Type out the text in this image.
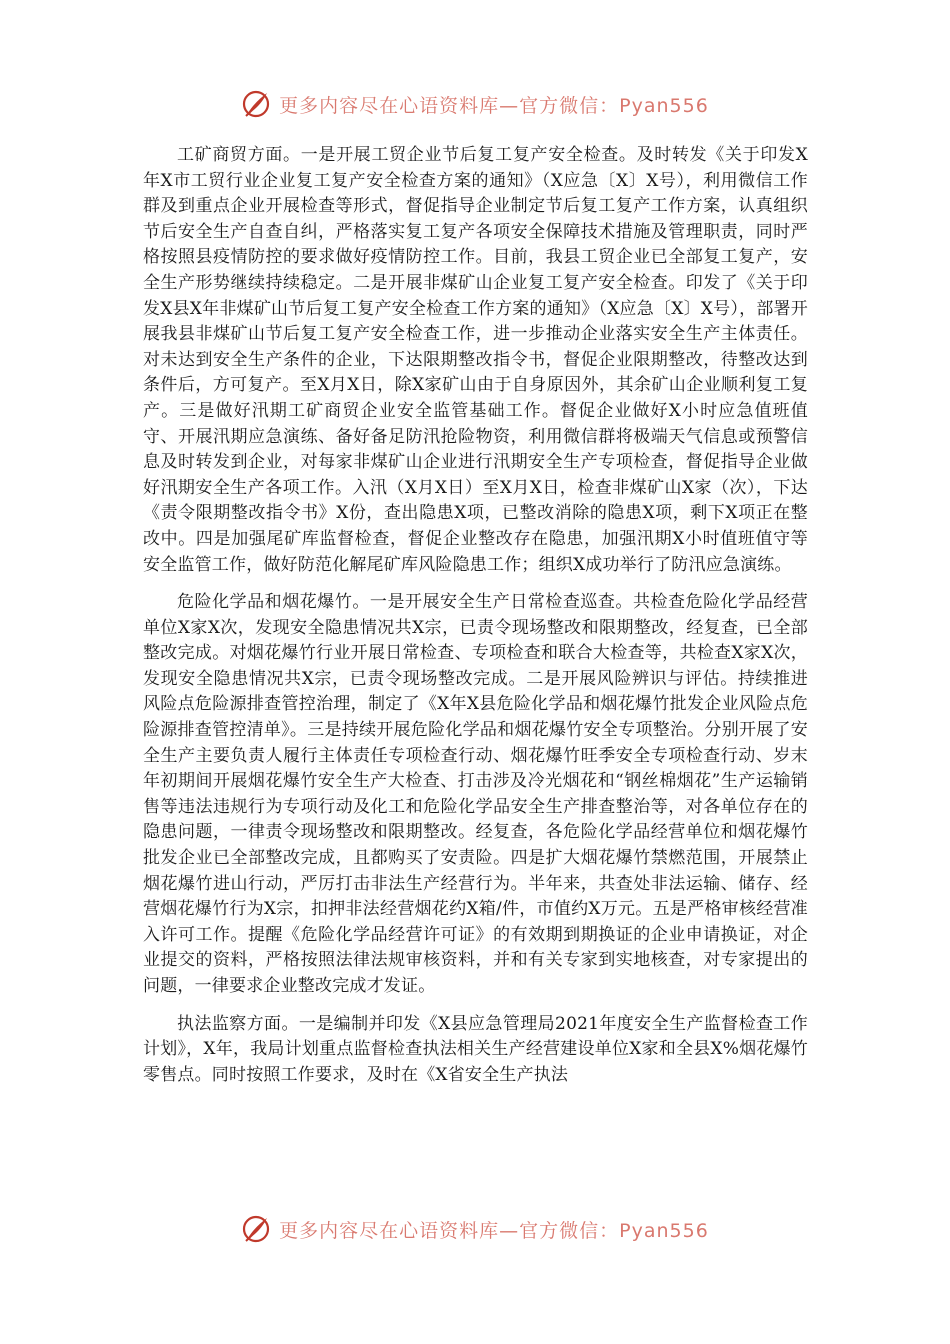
更多内容尽在心语资料库—官方微信：Pyan556

工矿商贸方面。一是开展工贸企业节后复工复产安全检查。及时转发《关于印发X年X市工贸行业企业复工复产安全检查方案的通知》（X应急〔X〕X号），利用微信工作群及到重点企业开展检查等形式，督促指导企业制定节后复工复产工作方案，认真组织节后安全生产自查自纠，严格落实复工复产各项安全保障技术措施及管理职责，同时严格按照县疫情防控的要求做好疫情防控工作。目前，我县工贸企业已全部复工复产，安全生产形势继续持续稳定。二是开展非煤矿山企业复工复产安全检查。印发了《关于印发X县X年非煤矿山节后复工复产安全检查工作方案的通知》（X应急〔X〕X号），部署开展我县非煤矿山节后复工复产安全检查工作，进一步推动企业落实安全生产主体责任。对未达到安全生产条件的企业，下达限期整改指令书，督促企业限期整改，待整改达到条件后，方可复产。至X月X日，除X家矿山由于自身原因外，其余矿山企业顺利复工复产。三是做好汛期工矿商贸企业安全监管基础工作。督促企业做好X小时应急值班值守、开展汛期应急演练、备好备足防汛抢险物资，利用微信群将极端天气信息或预警信息及时转发到企业，对每家非煤矿山企业进行汛期安全生产专项检查，督促指导企业做好汛期安全生产各项工作。入汛（X月X日）至X月X日，检查非煤矿山X家（次），下达《责令限期整改指令书》X份，查出隐患X项，已整改消除的隐患X项，剩下X项正在整改中。四是加强尾矿库监督检查，督促企业整改存在隐患，加强汛期X小时值班值守等安全监管工作，做好防范化解尾矿库风险隐患工作；组织X成功举行了防汛应急演练。

危险化学品和烟花爆竹。一是开展安全生产日常检查巡查。共检查危险化学品经营单位X家X次，发现安全隐患情况共X宗，已责令现场整改和限期整改，经复查，已全部整改完成。对烟花爆竹行业开展日常检查、专项检查和联合大检查等，共检查X家X次，发现安全隐患情况共X宗，已责令现场整改完成。二是开展风险辨识与评估。持续推进风险点危险源排查管控治理，制定了《X年X县危险化学品和烟花爆竹批发企业风险点危险源排查管控清单》。三是持续开展危险化学品和烟花爆竹安全专项整治。分别开展了安全生产主要负责人履行主体责任专项检查行动、烟花爆竹旺季安全专项检查行动、岁末年初期间开展烟花爆竹安全生产大检查、打击涉及冷光烟花和“钢丝棉烟花”生产运输销售等违法违规行为专项行动及化工和危险化学品安全生产排查整治等，对各单位存在的隐患问题，一律责令现场整改和限期整改。经复查，各危险化学品经营单位和烟花爆竹批发企业已全部整改完成，且都购买了安责险。四是扩大烟花爆竹禁燃范围，开展禁止烟花爆竹进山行动，严厉打击非法生产经营行为。半年来，共查处非法运输、储存、经营烟花爆竹行为X宗，扣押非法经营烟花约X箱/件，市值约X万元。五是严格审核经营准入许可工作。提醒《危险化学品经营许可证》的有效期到期换证的企业申请换证，对企业提交的资料，严格按照法律法规审核资料，并和有关专家到实地核查，对专家提出的问题，一律要求企业整改完成才发证。

执法监察方面。一是编制并印发《X县应急管理局2021年度安全生产监督检查工作计划》，X年，我局计划重点监督检查执法相关生产经营建设单位X家和全县X%烟花爆竹零售点。同时按照工作要求，及时在《X省安全生产执法

更多内容尽在心语资料库—官方微信：Pyan556
